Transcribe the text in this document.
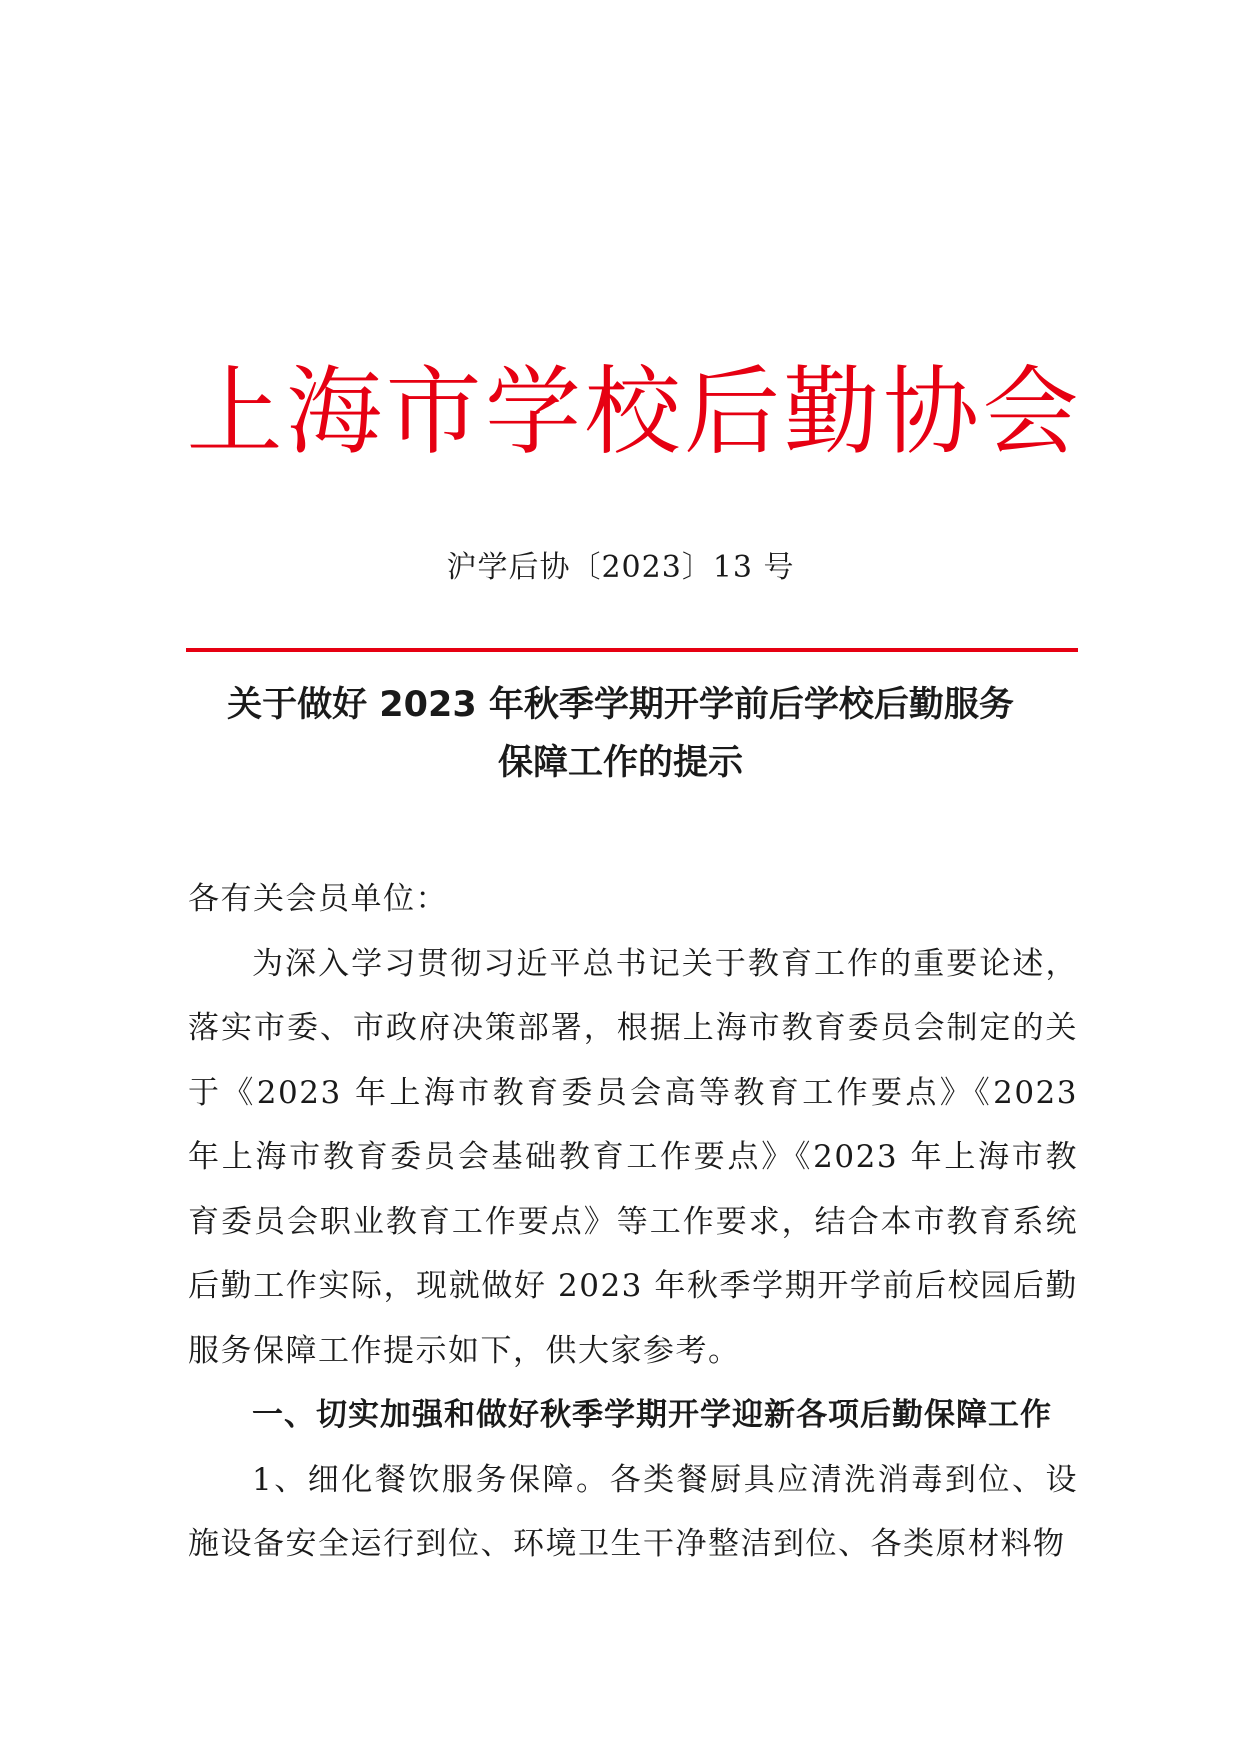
上 海 市 学 校 后 勤 协 会
沪学后协〔2023〕13 号
关于做好 2023 年秋季学期开学前后学校后勤服务
保障工作的提示

各有关会员单位：

为深入学习贯彻习近平总书记关于教育工作的重要论述，落实市委、市政府决策部署，根据上海市教育委员会制定的关于《2023 年上海市教育委员会高等教育工作要点》《2023 年上海市教育委员会基础教育工作要点》《2023 年上海市教育委员会职业教育工作要点》等工作要求，结合本市教育系统后勤工作实际，现就做好 2023 年秋季学期开学前后校园后勤服务保障工作提示如下，供大家参考。

一、切实加强和做好秋季学期开学迎新各项后勤保障工作

1、细化餐饮服务保障。各类餐厨具应清洗消毒到位、设施设备安全运行到位、环境卫生干净整洁到位、各类原材料物
